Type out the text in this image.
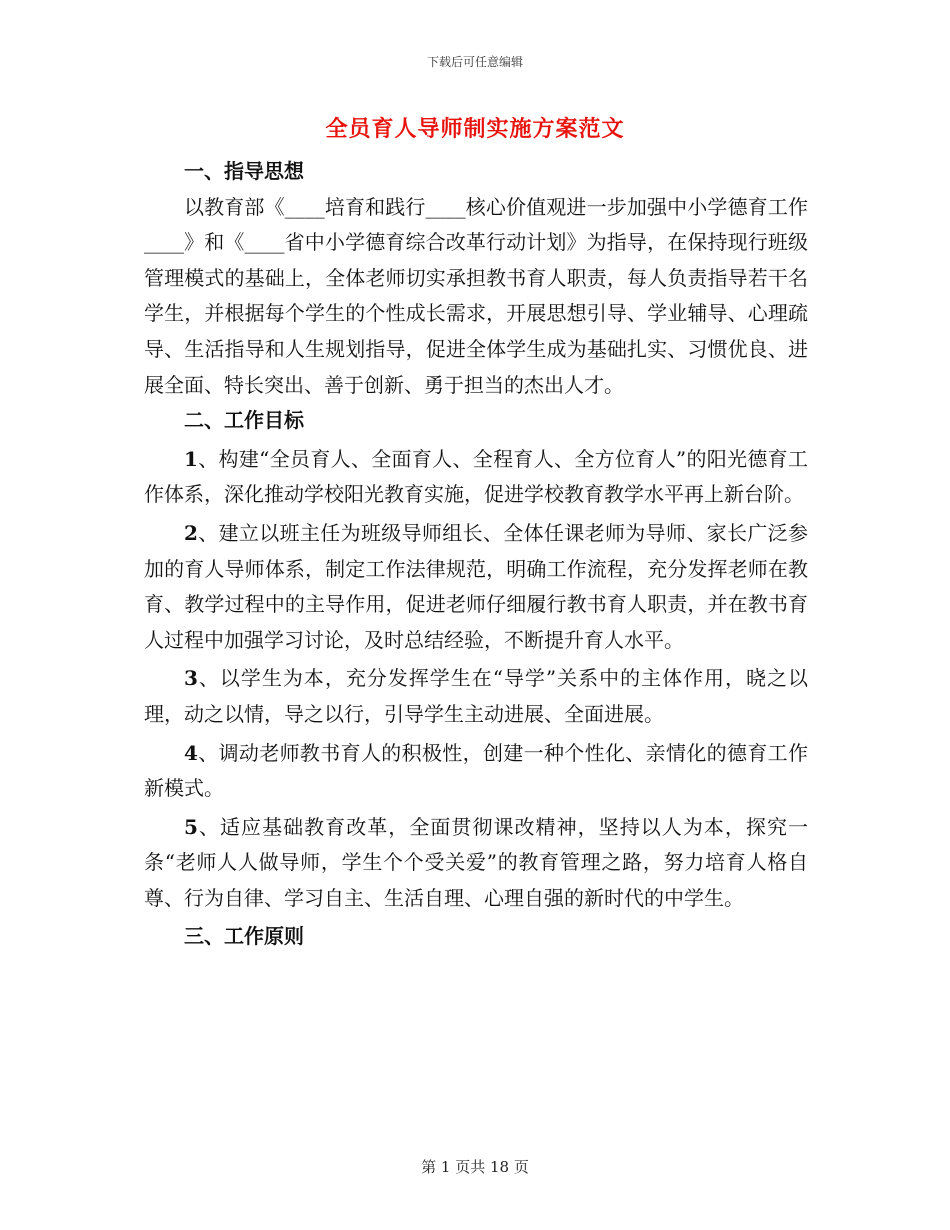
下载后可任意编辑
全员育人导师制实施方案范文

一、指导思想

以教育部《____培育和践行____核心价值观进一步加强中小学德育工作____》和《____省中小学德育综合改革行动计划》为指导，在保持现行班级管理模式的基础上，全体老师切实承担教书育人职责，每人负责指导若干名学生，并根据每个学生的个性成长需求，开展思想引导、学业辅导、心理疏导、生活指导和人生规划指导，促进全体学生成为基础扎实、习惯优良、进展全面、特长突出、善于创新、勇于担当的杰出人才。

二、工作目标

1、构建“全员育人、全面育人、全程育人、全方位育人”的阳光德育工作体系，深化推动学校阳光教育实施，促进学校教育教学水平再上新台阶。

2、建立以班主任为班级导师组长、全体任课老师为导师、家长广泛参加的育人导师体系，制定工作法律规范，明确工作流程，充分发挥老师在教育、教学过程中的主导作用，促进老师仔细履行教书育人职责，并在教书育人过程中加强学习讨论，及时总结经验，不断提升育人水平。

3、以学生为本，充分发挥学生在“导学”关系中的主体作用，晓之以理，动之以情，导之以行，引导学生主动进展、全面进展。

4、调动老师教书育人的积极性，创建一种个性化、亲情化的德育工作新模式。

5、适应基础教育改革，全面贯彻课改精神，坚持以人为本，探究一条“老师人人做导师，学生个个受关爱”的教育管理之路，努力培育人格自尊、行为自律、学习自主、生活自理、心理自强的新时代的中学生。

三、工作原则

第 1 页共 18 页
